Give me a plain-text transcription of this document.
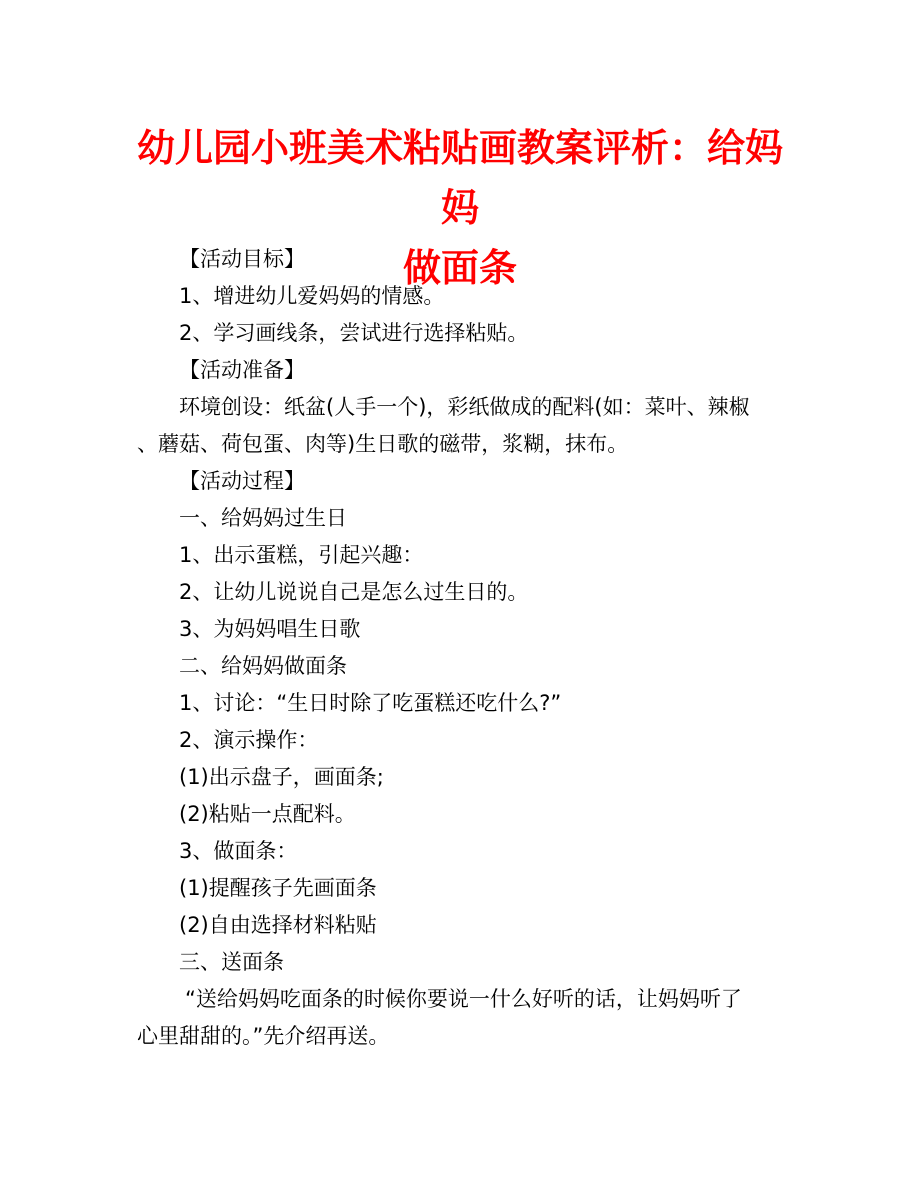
幼儿园小班美术粘贴画教案评析：给妈妈
做面条

【活动目标】

1、增进幼儿爱妈妈的情感。

2、学习画线条，尝试进行选择粘贴。

【活动准备】

环境创设：纸盆(人手一个)，彩纸做成的配料(如：菜叶、辣椒

、蘑菇、荷包蛋、肉等)生日歌的磁带，浆糊，抹布。

【活动过程】

一、给妈妈过生日

1、出示蛋糕，引起兴趣：

2、让幼儿说说自己是怎么过生日的。

3、为妈妈唱生日歌

二、给妈妈做面条

1、讨论：“生日时除了吃蛋糕还吃什么?”

2、演示操作：

(1)出示盘子，画面条;

(2)粘贴一点配料。

3、做面条：

(1)提醒孩子先画面条

(2)自由选择材料粘贴

三、送面条

“送给妈妈吃面条的时候你要说一什么好听的话，让妈妈听了

心里甜甜的。”先介绍再送。
